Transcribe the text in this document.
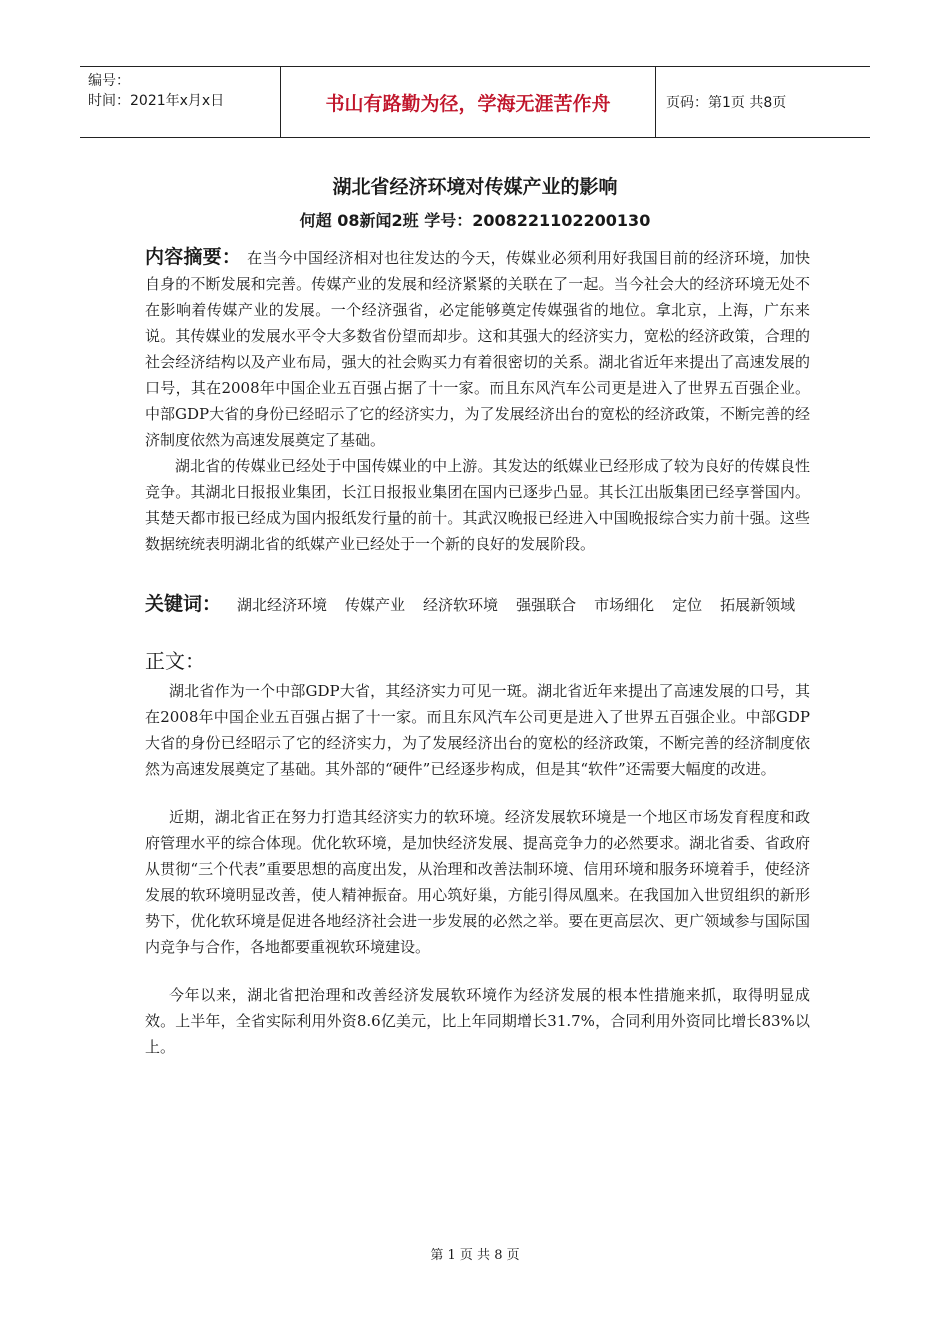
编号：
时间：2021年x月x日	书山有路勤为径，学海无涯苦作舟	页码：第1页 共8页
湖北省经济环境对传媒产业的影响
何超 08新闻2班 学号：2008221102200130

内容摘要： 在当今中国经济相对也往发达的今天，传媒业必须利用好我国目前的经济环境，加快自身的不断发展和完善。传媒产业的发展和经济紧紧的关联在了一起。当今社会大的经济环境无处不在影响着传媒产业的发展。一个经济强省，必定能够奠定传媒强省的地位。拿北京，上海，广东来说。其传媒业的发展水平令大多数省份望而却步。这和其强大的经济实力，宽松的经济政策，合理的社会经济结构以及产业布局，强大的社会购买力有着很密切的关系。湖北省近年来提出了高速发展的口号，其在2008年中国企业五百强占据了十一家。而且东风汽车公司更是进入了世界五百强企业。中部GDP大省的身份已经昭示了它的经济实力，为了发展经济出台的宽松的经济政策，不断完善的经济制度依然为高速发展奠定了基础。

湖北省的传媒业已经处于中国传媒业的中上游。其发达的纸媒业已经形成了较为良好的传媒良性竞争。其湖北日报报业集团，长江日报报业集团在国内已逐步凸显。其长江出版集团已经享誉国内。其楚天都市报已经成为国内报纸发行量的前十。其武汉晚报已经进入中国晚报综合实力前十强。这些数据统统表明湖北省的纸媒产业已经处于一个新的良好的发展阶段。

关键词： 湖北经济环境 传媒产业 经济软环境 强强联合 市场细化 定位 拓展新领域

正文：

湖北省作为一个中部GDP大省，其经济实力可见一斑。湖北省近年来提出了高速发展的口号，其在2008年中国企业五百强占据了十一家。而且东风汽车公司更是进入了世界五百强企业。中部GDP大省的身份已经昭示了它的经济实力，为了发展经济出台的宽松的经济政策，不断完善的经济制度依然为高速发展奠定了基础。其外部的“硬件”已经逐步构成，但是其“软件”还需要大幅度的改进。

近期，湖北省正在努力打造其经济实力的软环境。经济发展软环境是一个地区市场发育程度和政府管理水平的综合体现。优化软环境，是加快经济发展、提高竞争力的必然要求。湖北省委、省政府从贯彻“三个代表”重要思想的高度出发，从治理和改善法制环境、信用环境和服务环境着手，使经济发展的软环境明显改善，使人精神振奋。用心筑好巢，方能引得凤凰来。在我国加入世贸组织的新形势下，优化软环境是促进各地经济社会进一步发展的必然之举。要在更高层次、更广领域参与国际国内竞争与合作，各地都要重视软环境建设。

今年以来，湖北省把治理和改善经济发展软环境作为经济发展的根本性措施来抓，取得明显成效。上半年，全省实际利用外资8.6亿美元，比上年同期增长31.7%，合同利用外资同比增长83%以上。

第 1 页 共 8 页
